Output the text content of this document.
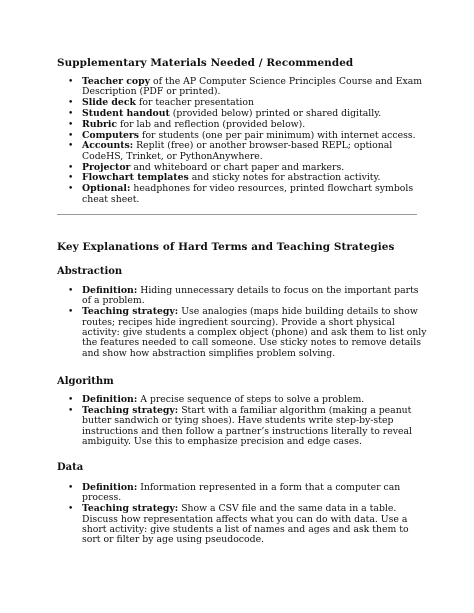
Supplementary Materials Needed / Recommended
• Teacher copy of the AP Computer Science Principles Course and Exam Description (PDF or printed).
• Slide deck for teacher presentation
• Student handout (provided below) printed or shared digitally.
• Rubric for lab and reflection (provided below).
• Computers for students (one per pair minimum) with internet access.
• Accounts: Replit (free) or another browser-based REPL; optional CodeHS, Trinket, or PythonAnywhere.
• Projector and whiteboard or chart paper and markers.
• Flowchart templates and sticky notes for abstraction activity.
• Optional: headphones for video resources, printed flowchart symbols cheat sheet.
Key Explanations of Hard Terms and Teaching Strategies
Abstraction
• Definition: Hiding unnecessary details to focus on the important parts of a problem.
• Teaching strategy: Use analogies (maps hide building details to show routes; recipes hide ingredient sourcing). Provide a short physical activity: give students a complex object (phone) and ask them to list only the features needed to call someone. Use sticky notes to remove details and show how abstraction simplifies problem solving.
Algorithm
• Definition: A precise sequence of steps to solve a problem.
• Teaching strategy: Start with a familiar algorithm (making a peanut butter sandwich or tying shoes). Have students write step-by-step instructions and then follow a partner’s instructions literally to reveal ambiguity. Use this to emphasize precision and edge cases.
Data
• Definition: Information represented in a form that a computer can process.
• Teaching strategy: Show a CSV file and the same data in a table. Discuss how representation affects what you can do with data. Use a short activity: give students a list of names and ages and ask them to sort or filter by age using pseudocode.
